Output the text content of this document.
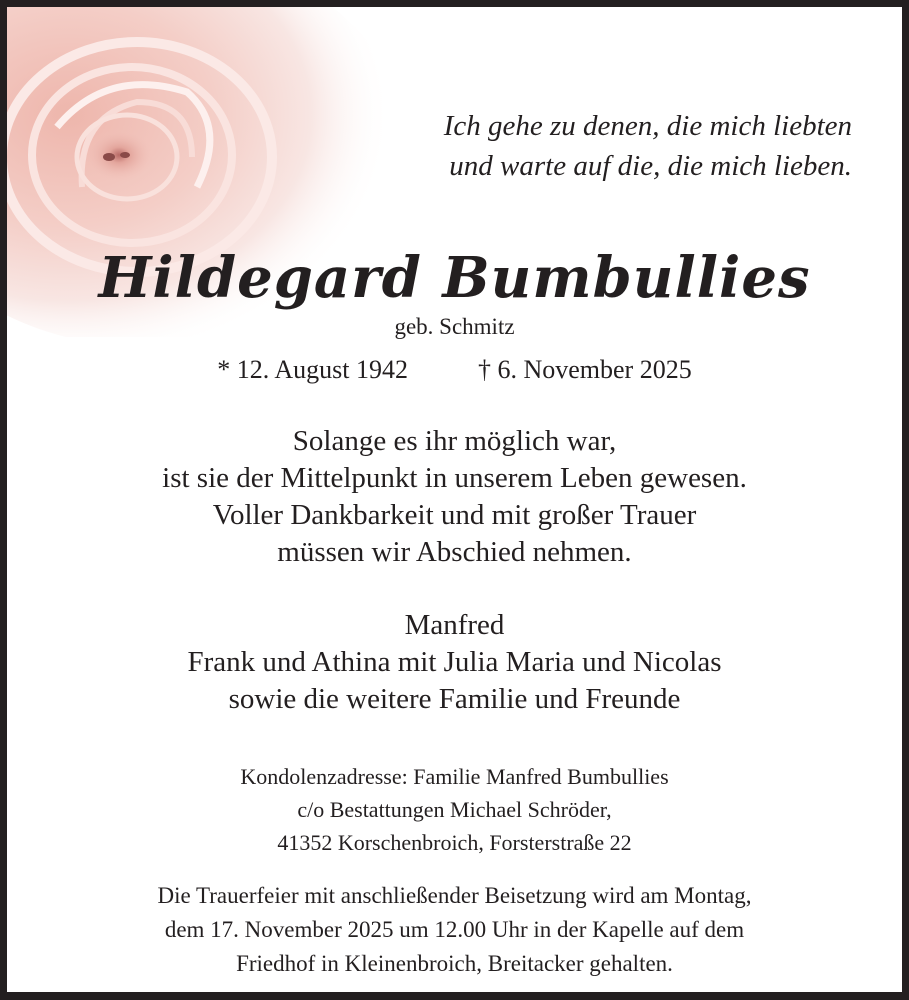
Ich gehe zu denen, die mich liebten
und warte auf die, die mich lieben.
Hildegard Bumbullies
geb. Schmitz
* 12. August 1942	† 6. November 2025
Solange es ihr möglich war,
ist sie der Mittelpunkt in unserem Leben gewesen.
Voller Dankbarkeit und mit großer Trauer
müssen wir Abschied nehmen.
Manfred
Frank und Athina mit Julia Maria und Nicolas
sowie die weitere Familie und Freunde
Kondolenzadresse: Familie Manfred Bumbullies
c/o Bestattungen Michael Schröder,
41352 Korschenbroich, Forsterstraße 22
Die Trauerfeier mit anschließender Beisetzung wird am Montag,
dem 17. November 2025 um 12.00 Uhr in der Kapelle auf dem
Friedhof in Kleinenbroich, Breitacker gehalten.
